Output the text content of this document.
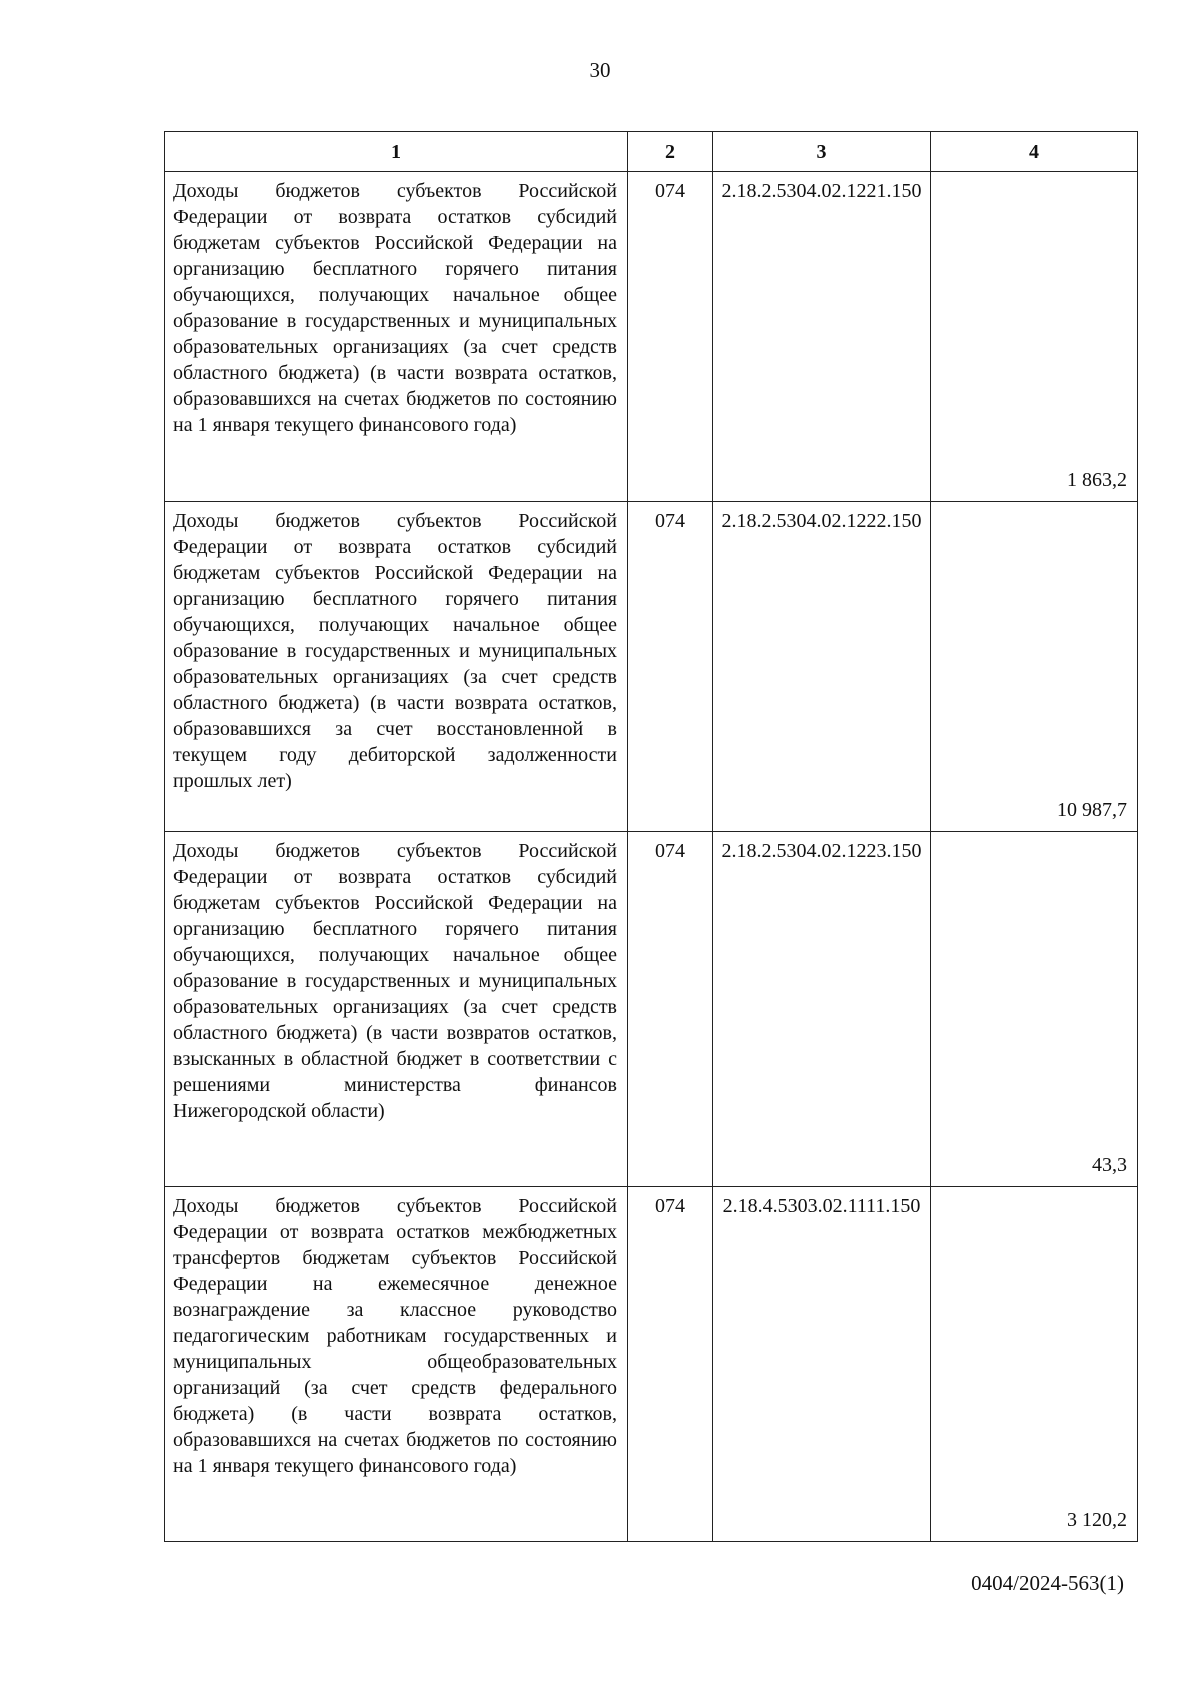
30
1	2	3	4
Доходы бюджетов субъектов Российской Федерации от возврата остатков субсидий бюджетам субъектов Российской Федерации на организацию бесплатного горячего питания обучающихся, получающих начальное общее образование в государственных и муниципальных образовательных организациях (за счет средств областного бюджета) (в части возврата остатков, образовавшихся на счетах бюджетов по состоянию на 1 января текущего финансового года)	074	2.18.2.5304.02.1221.150	1 863,2
Доходы бюджетов субъектов Российской Федерации от возврата остатков субсидий бюджетам субъектов Российской Федерации на организацию бесплатного горячего питания обучающихся, получающих начальное общее образование в государственных и муниципальных образовательных организациях (за счет средств областного бюджета) (в части возврата остатков, образовавшихся за счет восстановленной в текущем году дебиторской задолженности прошлых лет)	074	2.18.2.5304.02.1222.150	10 987,7
Доходы бюджетов субъектов Российской Федерации от возврата остатков субсидий бюджетам субъектов Российской Федерации на организацию бесплатного горячего питания обучающихся, получающих начальное общее образование в государственных и муниципальных образовательных организациях (за счет средств областного бюджета) (в части возвратов остатков, взысканных в областной бюджет в соответствии с решениями министерства финансов Нижегородской области)	074	2.18.2.5304.02.1223.150	43,3
Доходы бюджетов субъектов Российской Федерации от возврата остатков межбюджетных трансфертов бюджетам субъектов Российской Федерации на ежемесячное денежное вознаграждение за классное руководство педагогическим работникам государственных и муниципальных общеобразовательных организаций (за счет средств федерального бюджета) (в части возврата остатков, образовавшихся на счетах бюджетов по состоянию на 1 января текущего финансового года)	074	2.18.4.5303.02.1111.150	3 120,2
0404/2024-563(1)
